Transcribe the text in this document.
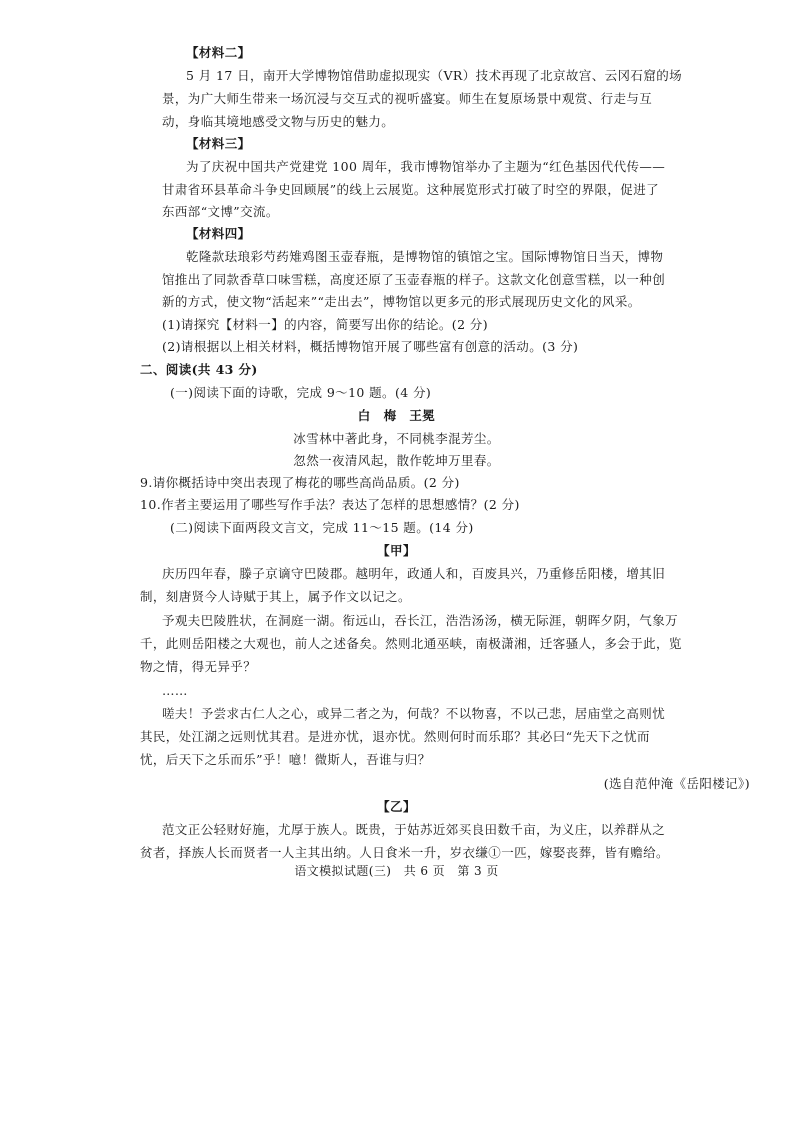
【材料二】
5 月 17 日，南开大学博物馆借助虚拟现实（VR）技术再现了北京故宫、云冈石窟的场
景，为广大师生带来一场沉浸与交互式的视听盛宴。师生在复原场景中观赏、行走与互
动，身临其境地感受文物与历史的魅力。
【材料三】
为了庆祝中国共产党建党 100 周年，我市博物馆举办了主题为“红色基因代代传——
甘肃省环县革命斗争史回顾展”的线上云展览。这种展览形式打破了时空的界限，促进了
东西部“文博”交流。
【材料四】
乾隆款珐琅彩芍药雉鸡图玉壶春瓶，是博物馆的镇馆之宝。国际博物馆日当天，博物
馆推出了同款香草口味雪糕，高度还原了玉壶春瓶的样子。这款文化创意雪糕，以一种创
新的方式，使文物“活起来”“走出去”，博物馆以更多元的形式展现历史文化的风采。
(1)请探究【材料一】的内容，简要写出你的结论。(2 分)
(2)请根据以上相关材料，概括博物馆开展了哪些富有创意的活动。(3 分)
二、阅读(共 43 分)
(一)阅读下面的诗歌，完成 9～10 题。(4 分)
白　梅　王冕
冰雪林中著此身，不同桃李混芳尘。
忽然一夜清风起，散作乾坤万里春。
9.请你概括诗中突出表现了梅花的哪些高尚品质。(2 分)
10.作者主要运用了哪些写作手法？表达了怎样的思想感情？(2 分)
(二)阅读下面两段文言文，完成 11～15 题。(14 分)
【甲】
庆历四年春，滕子京谪守巴陵郡。越明年，政通人和，百废具兴，乃重修岳阳楼，增其旧
制，刻唐贤今人诗赋于其上，属予作文以记之。
予观夫巴陵胜状，在洞庭一湖。衔远山，吞长江，浩浩汤汤，横无际涯，朝晖夕阴，气象万
千，此则岳阳楼之大观也，前人之述备矣。然则北通巫峡，南极潇湘，迁客骚人，多会于此，览
物之情，得无异乎？
……
嗟夫！予尝求古仁人之心，或异二者之为，何哉？不以物喜，不以己悲，居庙堂之高则忧
其民，处江湖之远则忧其君。是进亦忧，退亦忧。然则何时而乐耶？其必曰“先天下之忧而
忧，后天下之乐而乐”乎！噫！微斯人，吾谁与归？
(选自范仲淹《岳阳楼记》)
【乙】
范文正公轻财好施，尤厚于族人。既贵，于姑苏近郊买良田数千亩，为义庄，以养群从之
贫者，择族人长而贤者一人主其出纳。人日食米一升，岁衣缣①一匹，嫁娶丧葬，皆有赡给。
语文模拟试题(三)　共 6 页　第 3 页
